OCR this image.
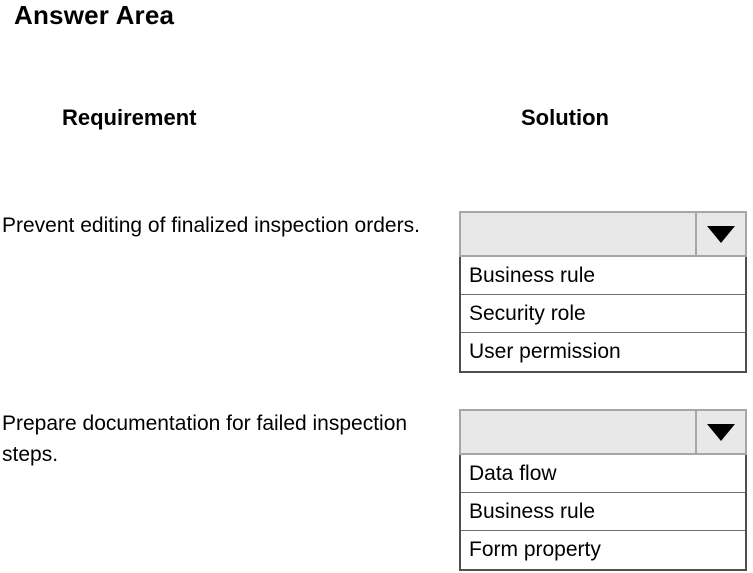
Answer Area
Requirement	Solution
Prevent editing of finalized inspection orders.
Prepare documentation for failed inspection steps.
Business rule
Security role
User permission
Data flow
Business rule
Form property
